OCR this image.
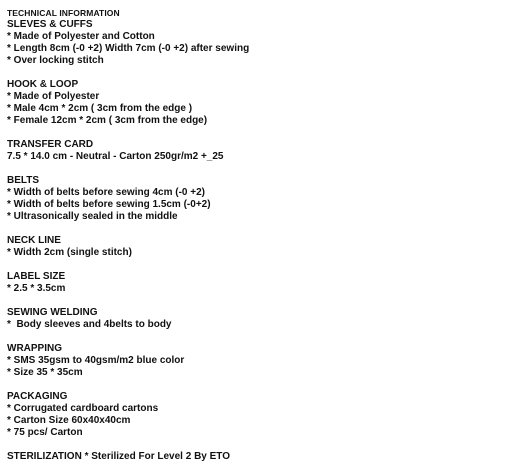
TECHNICAL INFORMATION
SLEVES & CUFFS
* Made of Polyester and Cotton
* Length 8cm (-0 +2) Width 7cm (-0 +2) after sewing
* Over locking stitch
HOOK & LOOP
* Made of Polyester
* Male 4cm * 2cm ( 3cm from the edge )
* Female 12cm * 2cm ( 3cm from the edge)
TRANSFER CARD
7.5 * 14.0 cm - Neutral - Carton 250gr/m2 +_25
BELTS
* Width of belts before sewing 4cm (-0 +2)
* Width of belts before sewing 1.5cm (-0+2)
* Ultrasonically sealed in the middle
NECK LINE
* Width 2cm (single stitch)
LABEL SIZE
* 2.5 * 3.5cm
SEWING WELDING
*  Body sleeves and 4belts to body
WRAPPING
* SMS 35gsm to 40gsm/m2 blue color
* Size 35 * 35cm
PACKAGING
* Corrugated cardboard cartons
* Carton Size 60x40x40cm
* 75 pcs/ Carton
STERILIZATION * Sterilized For Level 2 By ETO
